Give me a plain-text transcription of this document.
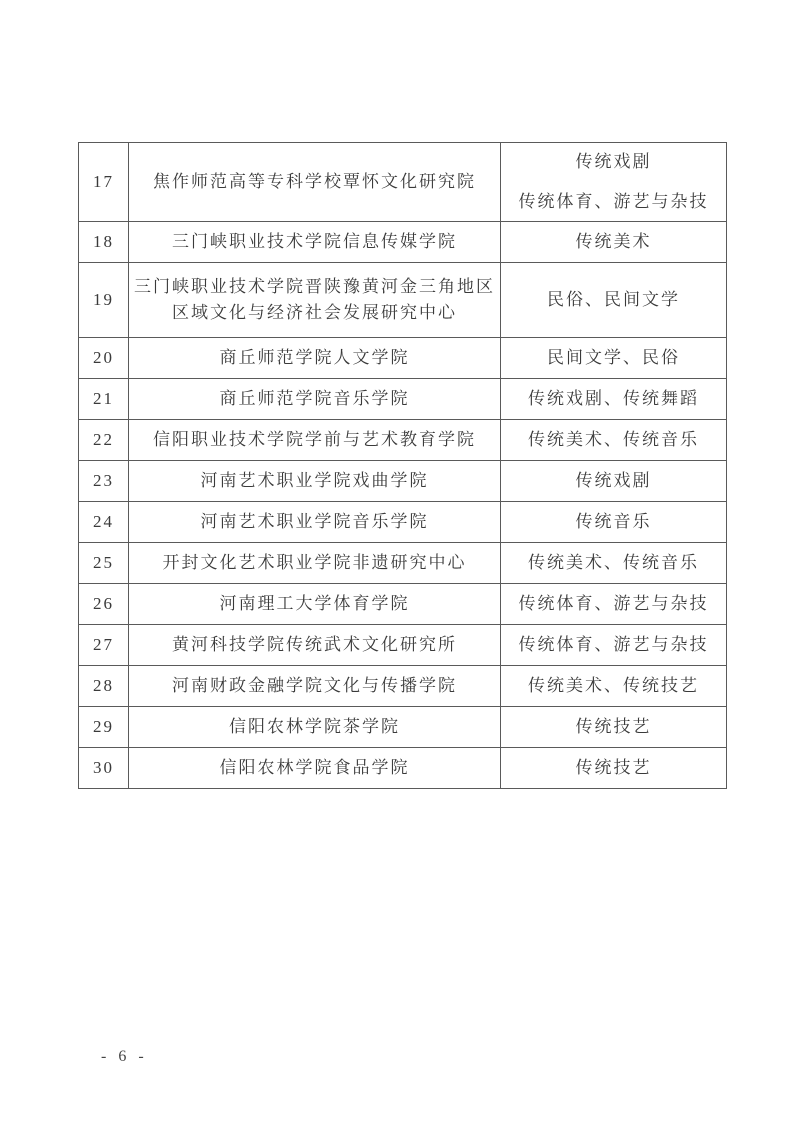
17	焦作师范高等专科学校覃怀文化研究院	传统戏剧
传统体育、游艺与杂技

18	三门峡职业技术学院信息传媒学院	传统美术

19	三门峡职业技术学院晋陕豫黄河金三角地区区域文化与经济社会发展研究中心	民俗、民间文学

20	商丘师范学院人文学院	民间文学、民俗

21	商丘师范学院音乐学院	传统戏剧、传统舞蹈

22	信阳职业技术学院学前与艺术教育学院	传统美术、传统音乐

23	河南艺术职业学院戏曲学院	传统戏剧

24	河南艺术职业学院音乐学院	传统音乐

25	开封文化艺术职业学院非遗研究中心	传统美术、传统音乐

26	河南理工大学体育学院	传统体育、游艺与杂技

27	黄河科技学院传统武术文化研究所	传统体育、游艺与杂技

28	河南财政金融学院文化与传播学院	传统美术、传统技艺

29	信阳农林学院茶学院	传统技艺

30	信阳农林学院食品学院	传统技艺
- 6 -
